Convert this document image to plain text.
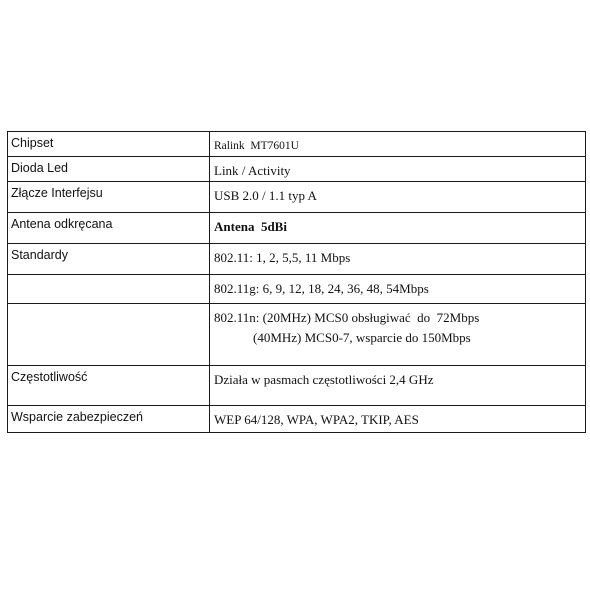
Chipset	Ralink  MT7601U

Dioda Led	Link / Activity

Złącze Interfejsu	USB 2.0 / 1.1 typ A

Antena odkręcana	Antena  5dBi

Standardy	802.11: 1, 2, 5,5, 11 Mbps

	802.11g: 6, 9, 12, 18, 24, 36, 48, 54Mbps

	802.11n: (20MHz) MCS0 obsługiwać  do  72Mbps
(40MHz) MCS0-7, wsparcie do 150Mbps

Częstotliwość	Działa w pasmach częstotliwości 2,4 GHz

Wsparcie zabezpieczeń	WEP 64/128, WPA, WPA2, TKIP, AES
